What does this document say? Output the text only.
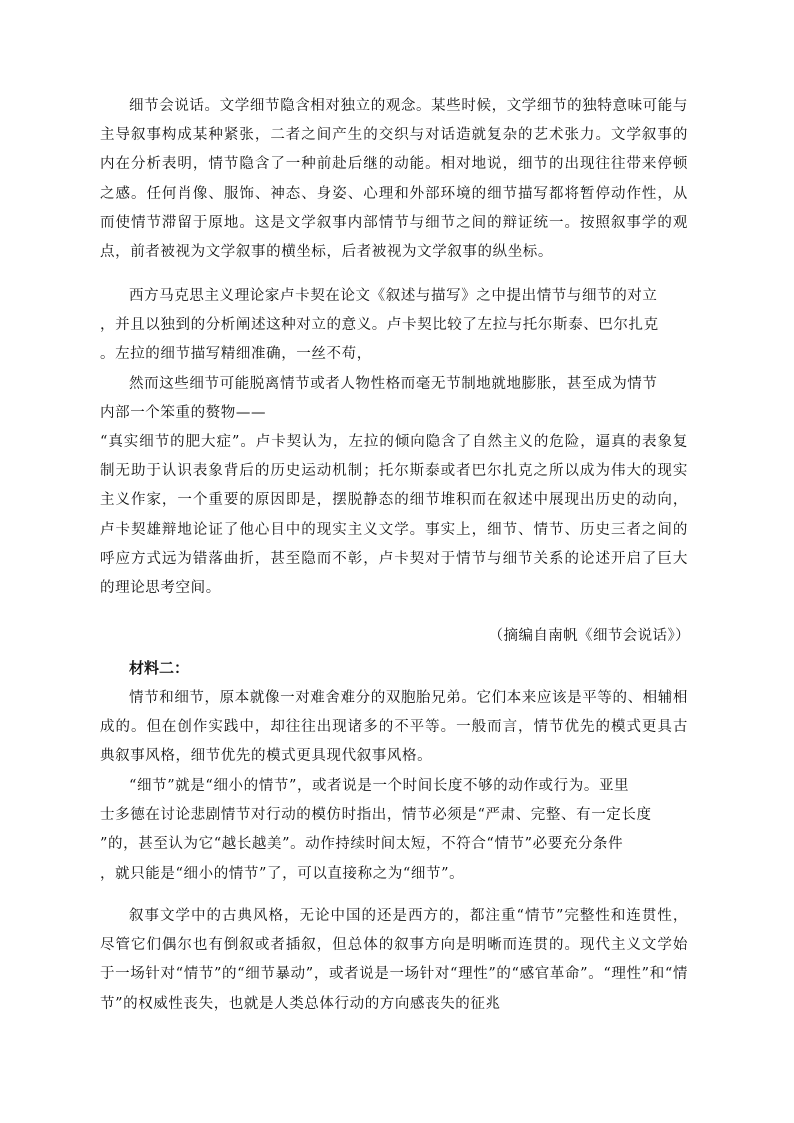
细节会说话。文学细节隐含相对独立的观念。某些时候，文学细节的独特意味可能与主导叙事构成某种紧张，二者之间产生的交织与对话造就复杂的艺术张力。文学叙事的内在分析表明，情节隐含了一种前赴后继的动能。相对地说，细节的出现往往带来停顿之感。任何肖像、服饰、神态、身姿、心理和外部环境的细节描写都将暂停动作性，从而使情节滞留于原地。这是文学叙事内部情节与细节之间的辩证统一。按照叙事学的观点，前者被视为文学叙事的横坐标，后者被视为文学叙事的纵坐标。

西方马克思主义理论家卢卡契在论文《叙述与描写》之中提出情节与细节的对立
，并且以独到的分析阐述这种对立的意义。卢卡契比较了左拉与托尔斯泰、巴尔扎克
。左拉的细节描写精细准确，一丝不苟，

然而这些细节可能脱离情节或者人物性格而毫无节制地就地膨胀，甚至成为情节
内部一个笨重的赘物——

“真实细节的肥大症”。卢卡契认为，左拉的倾向隐含了自然主义的危险，逼真的表象复制无助于认识表象背后的历史运动机制；托尔斯泰或者巴尔扎克之所以成为伟大的现实主义作家，一个重要的原因即是，摆脱静态的细节堆积而在叙述中展现出历史的动向，卢卡契雄辩地论证了他心目中的现实主义文学。事实上，细节、情节、历史三者之间的呼应方式远为错落曲折，甚至隐而不彰，卢卡契对于情节与细节关系的论述开启了巨大的理论思考空间。

（摘编自南帆《细节会说话》）
材料二：

情节和细节，原本就像一对难舍难分的双胞胎兄弟。它们本来应该是平等的、相辅相成的。但在创作实践中，却往往出现诸多的不平等。一般而言，情节优先的模式更具古典叙事风格，细节优先的模式更具现代叙事风格。

“细节”就是“细小的情节”，或者说是一个时间长度不够的动作或行为。亚里
士多德在讨论悲剧情节对行动的模仿时指出，情节必须是“严肃、完整、有一定长度
”的，甚至认为它“越长越美”。动作持续时间太短，不符合“情节”必要充分条件
，就只能是“细小的情节”了，可以直接称之为“细节”。

叙事文学中的古典风格，无论中国的还是西方的，都注重“情节”完整性和连贯性，尽管它们偶尔也有倒叙或者插叙，但总体的叙事方向是明晰而连贯的。现代主义文学始于一场针对“情节”的“细节暴动”，或者说是一场针对“理性”的“感官革命”。“理性”和“情节”的权威性丧失，也就是人类总体行动的方向感丧失的征兆
